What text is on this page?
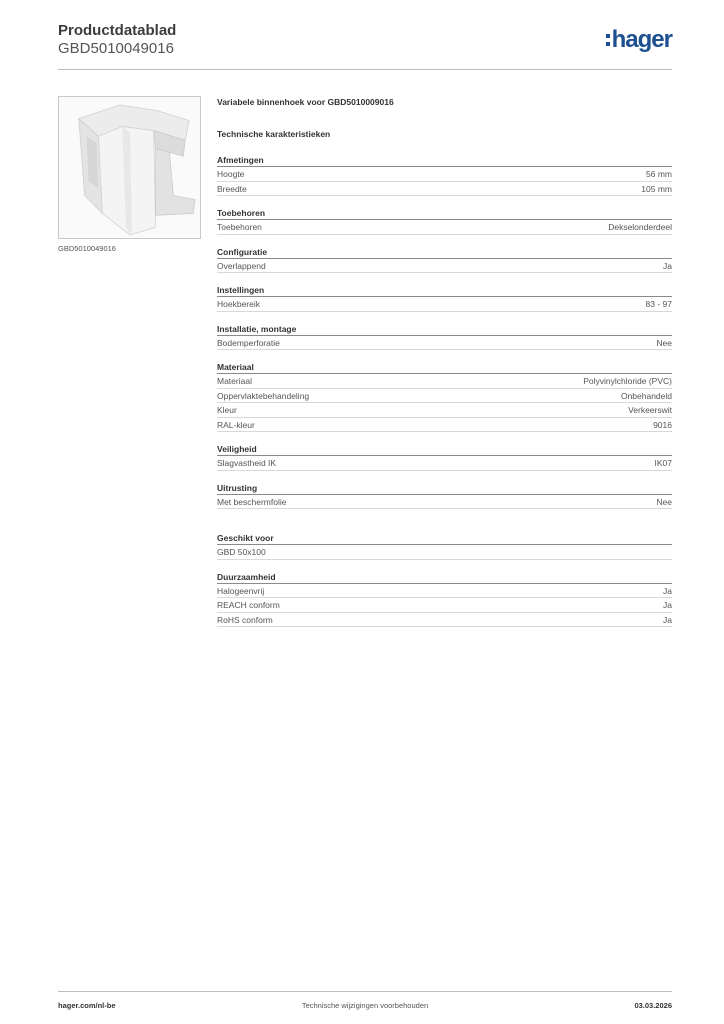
Productdatablad
GBD5010049016	hager
GBD5010049016
Variabele binnenhoek voor GBD5010009016
Technische karakteristieken
Afmetingen
Hoogte	56 mm
Breedte	105 mm
Toebehoren
Toebehoren	Dekselonderdeel
Configuratie
Overlappend	Ja
Instellingen
Hoekbereik	83 - 97
Installatie, montage
Bodemperforatie	Nee
Materiaal
Materiaal	Polyvinylchloride (PVC)
Oppervlaktebehandeling	Onbehandeld
Kleur	Verkeerswit
RAL-kleur	9016
Veiligheid
Slagvastheid IK	IK07
Uitrusting
Met beschermfolie	Nee
Geschikt voor
GBD 50x100
Duurzaamheid
Halogeenvrij	Ja
REACH conform	Ja
RoHS conform	Ja
hager.com/nl-be	Technische wijzigingen voorbehouden	03.03.2026
